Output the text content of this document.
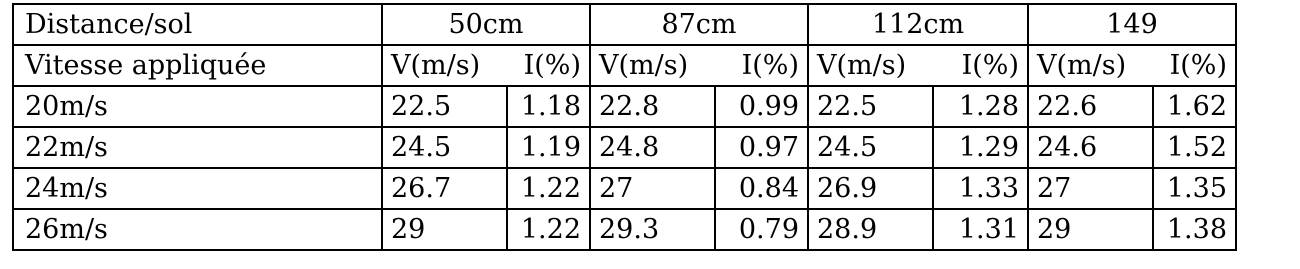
Distance/sol	50cm		87cm		112cm		149	
Vitesse appliquée	V(m/s)	I(%)	V(m/s)	I(%)	V(m/s)	I(%)	V(m/s)	I(%)
20m/s	22.5	1.18	22.8	0.99	22.5	1.28	22.6	1.62
22m/s	24.5	1.19	24.8	0.97	24.5	1.29	24.6	1.52
24m/s	26.7	1.22	27	0.84	26.9	1.33	27	1.35
26m/s	29	1.22	29.3	0.79	28.9	1.31	29	1.38
